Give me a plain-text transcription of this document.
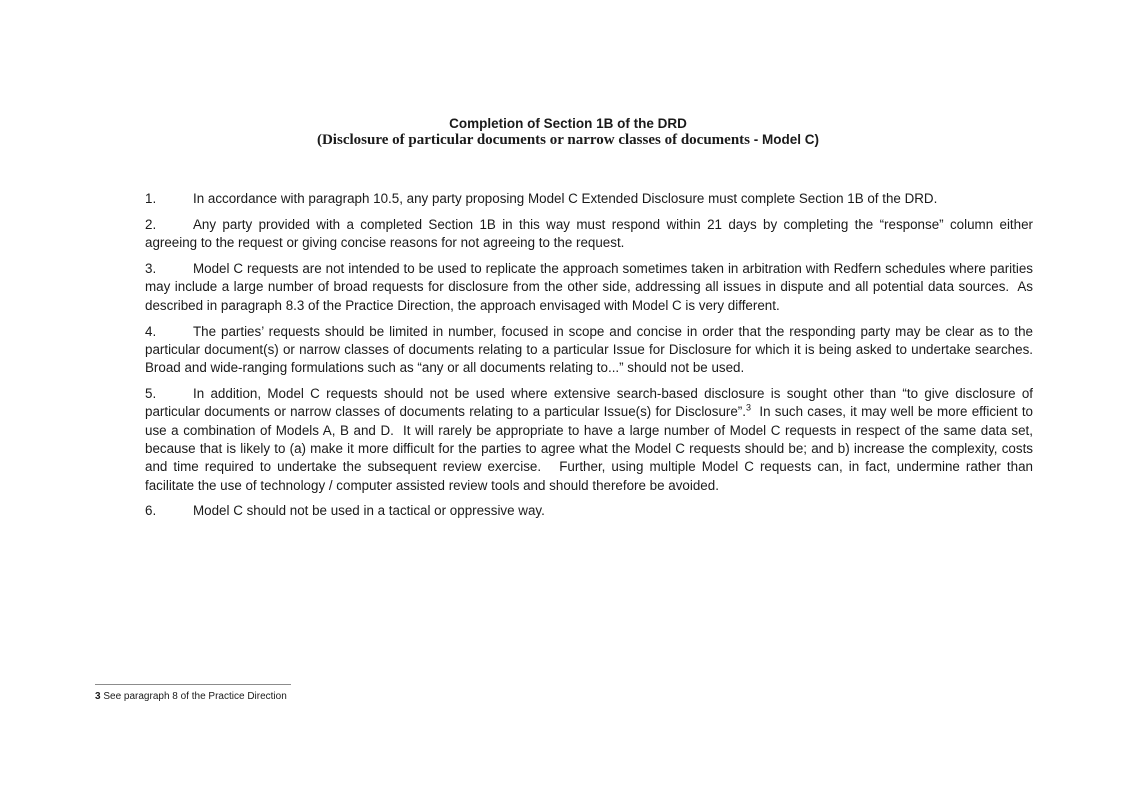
Completion of Section 1B of the DRD
(Disclosure of particular documents or narrow classes of documents - Model C)

1.	In accordance with paragraph 10.5, any party proposing Model C Extended Disclosure must complete Section 1B of the DRD.

2.	Any party provided with a completed Section 1B in this way must respond within 21 days by completing the “response” column either agreeing to the request or giving concise reasons for not agreeing to the request.

3.	Model C requests are not intended to be used to replicate the approach sometimes taken in arbitration with Redfern schedules where parities may include a large number of broad requests for disclosure from the other side, addressing all issues in dispute and all potential data sources.  As described in paragraph 8.3 of the Practice Direction, the approach envisaged with Model C is very different.

4.	The parties’ requests should be limited in number, focused in scope and concise in order that the responding party may be clear as to the particular document(s) or narrow classes of documents relating to a particular Issue for Disclosure for which it is being asked to undertake searches. Broad and wide-ranging formulations such as “any or all documents relating to...” should not be used.

5.	In addition, Model C requests should not be used where extensive search-based disclosure is sought other than “to give disclosure of particular documents or narrow classes of documents relating to a particular Issue(s) for Disclosure”.$^3$  In such cases, it may well be more efficient to use a combination of Models A, B and D.  It will rarely be appropriate to have a large number of Model C requests in respect of the same data set, because that is likely to (a) make it more difficult for the parties to agree what the Model C requests should be; and b) increase the complexity, costs and time required to undertake the subsequent review exercise.   Further, using multiple Model C requests can, in fact, undermine rather than facilitate the use of technology / computer assisted review tools and should therefore be avoided.

6.	Model C should not be used in a tactical or oppressive way.

3 See paragraph 8 of the Practice Direction
